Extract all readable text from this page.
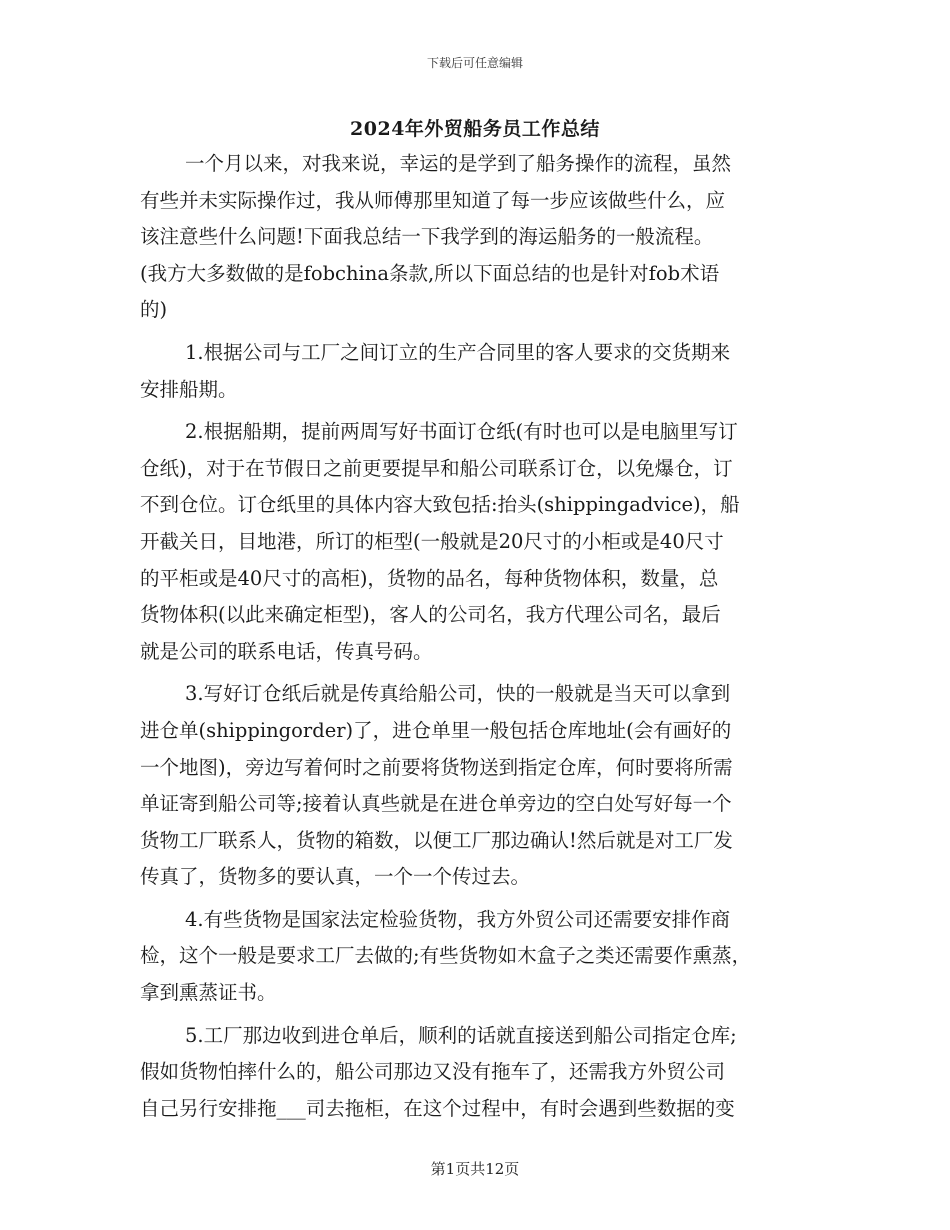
下载后可任意编辑
2024年外贸船务员工作总结
一个月以来，对我来说，幸运的是学到了船务操作的流程，虽然
有些并未实际操作过，我从师傅那里知道了每一步应该做些什么，应
该注意些什么问题!下面我总结一下我学到的海运船务的一般流程。
(我方大多数做的是fobchina条款,所以下面总结的也是针对fob术语
的)
1.根据公司与工厂之间订立的生产合同里的客人要求的交货期来
安排船期。
2.根据船期，提前两周写好书面订仓纸(有时也可以是电脑里写订
仓纸)，对于在节假日之前更要提早和船公司联系订仓，以免爆仓，订
不到仓位。订仓纸里的具体内容大致包括:抬头(shippingadvice)，船
开截关日，目地港，所订的柜型(一般就是20尺寸的小柜或是40尺寸
的平柜或是40尺寸的高柜)，货物的品名，每种货物体积，数量，总
货物体积(以此来确定柜型)，客人的公司名，我方代理公司名，最后
就是公司的联系电话，传真号码。
3.写好订仓纸后就是传真给船公司，快的一般就是当天可以拿到
进仓单(shippingorder)了，进仓单里一般包括仓库地址(会有画好的
一个地图)，旁边写着何时之前要将货物送到指定仓库，何时要将所需
单证寄到船公司等;接着认真些就是在进仓单旁边的空白处写好每一个
货物工厂联系人，货物的箱数，以便工厂那边确认!然后就是对工厂发
传真了，货物多的要认真，一个一个传过去。
4.有些货物是国家法定检验货物，我方外贸公司还需要安排作商
检，这个一般是要求工厂去做的;有些货物如木盒子之类还需要作熏蒸，
拿到熏蒸证书。
5.工厂那边收到进仓单后，顺利的话就直接送到船公司指定仓库;
假如货物怕摔什么的，船公司那边又没有拖车了，还需我方外贸公司
自己另行安排拖___司去拖柜，在这个过程中，有时会遇到些数据的变
第1页共12页
